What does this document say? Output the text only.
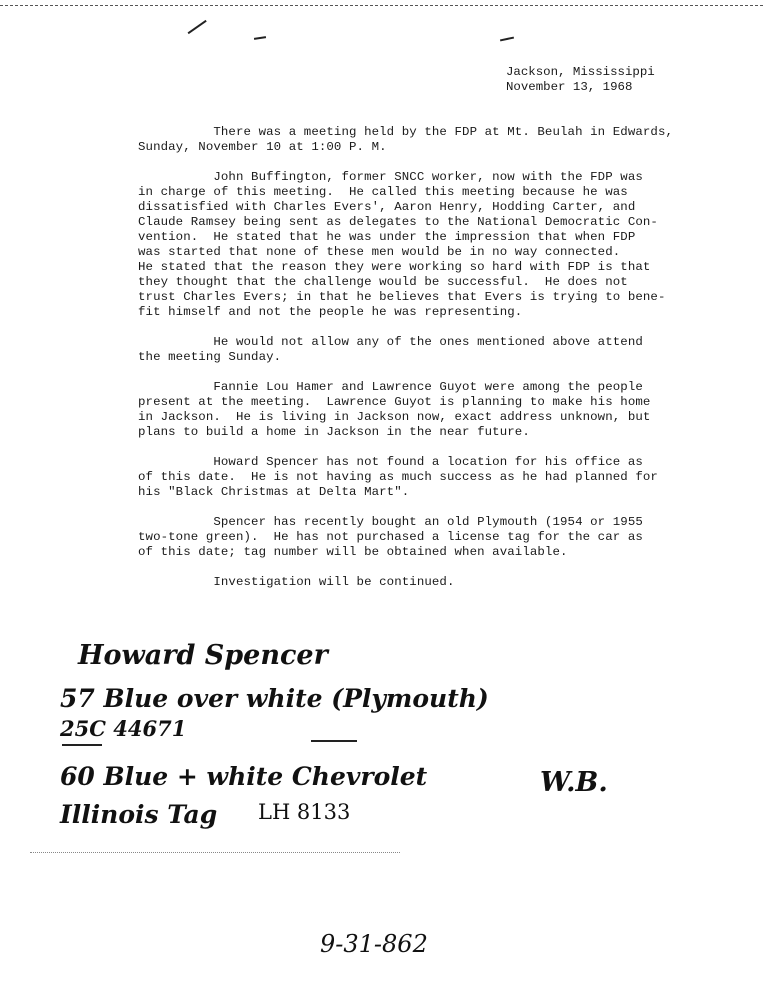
Jackson, Mississippi
November 13, 1968
There was a meeting held by the FDP at Mt. Beulah in Edwards,
Sunday, November 10 at 1:00 P. M.
John Buffington, former SNCC worker, now with the FDP was
in charge of this meeting.  He called this meeting because he was
dissatisfied with Charles Evers', Aaron Henry, Hodding Carter, and
Claude Ramsey being sent as delegates to the National Democratic Con-
vention.  He stated that he was under the impression that when FDP
was started that none of these men would be in no way connected.
He stated that the reason they were working so hard with FDP is that
they thought that the challenge would be successful.  He does not
trust Charles Evers; in that he believes that Evers is trying to bene-
fit himself and not the people he was representing.
He would not allow any of the ones mentioned above attend
the meeting Sunday.
Fannie Lou Hamer and Lawrence Guyot were among the people
present at the meeting.  Lawrence Guyot is planning to make his home
in Jackson.  He is living in Jackson now, exact address unknown, but
plans to build a home in Jackson in the near future.
Howard Spencer has not found a location for his office as
of this date.  He is not having as much success as he had planned for
his "Black Christmas at Delta Mart".
Spencer has recently bought an old Plymouth (1954 or 1955
two-tone green).  He has not purchased a license tag for the car as
of this date; tag number will be obtained when available.
Investigation will be continued.
Howard Spencer
57 Blue over white (Plymouth)
25C 44671
60 Blue + white Chevrolet
Illinois Tag LH 8133
W.B.
9-31-862
